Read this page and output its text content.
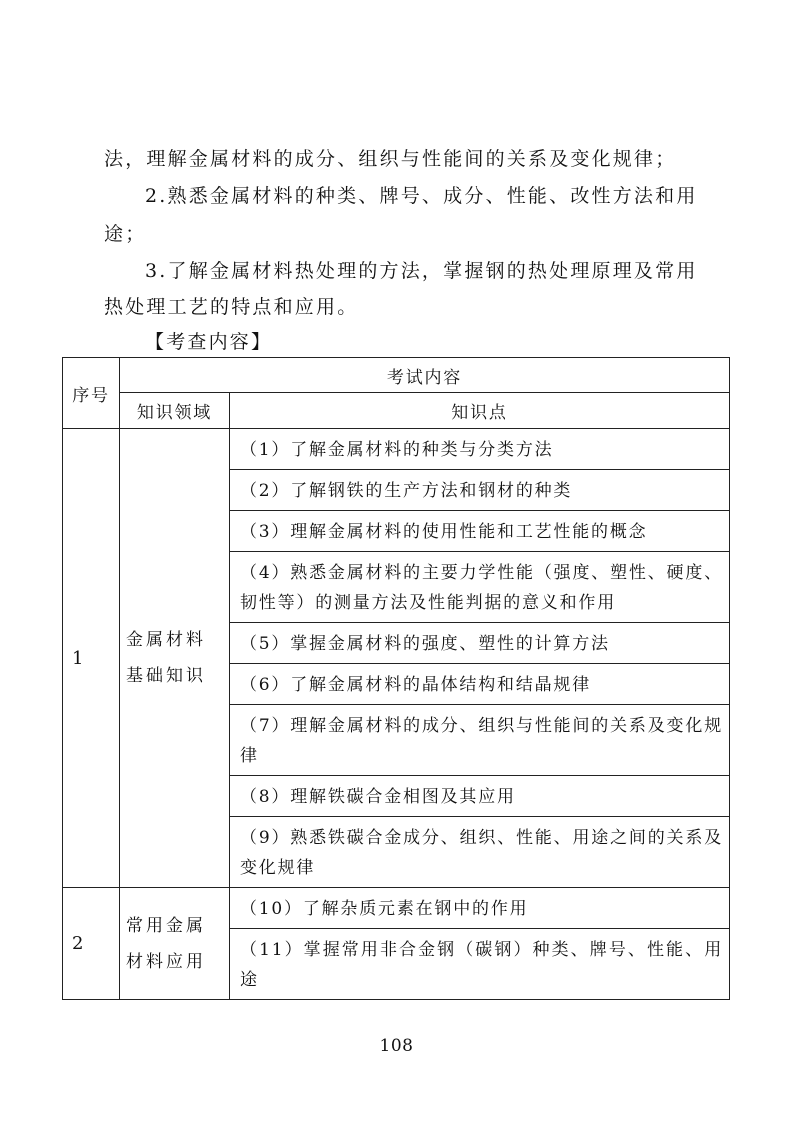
法，理解金属材料的成分、组织与性能间的关系及变化规律；
2.熟悉金属材料的种类、牌号、成分、性能、改性方法和用
途；
3.了解金属材料热处理的方法，掌握钢的热处理原理及常用
热处理工艺的特点和应用。
【考查内容】
序号	考试内容	
	知识领域	知识点
1	金属材料基础知识	（1）了解金属材料的种类与分类方法
		（2）了解钢铁的生产方法和钢材的种类
		（3）理解金属材料的使用性能和工艺性能的概念
		（4）熟悉金属材料的主要力学性能（强度、塑性、硬度、韧性等）的测量方法及性能判据的意义和作用
		（5）掌握金属材料的强度、塑性的计算方法
		（6）了解金属材料的晶体结构和结晶规律
		（7）理解金属材料的成分、组织与性能间的关系及变化规律
		（8）理解铁碳合金相图及其应用
		（9）熟悉铁碳合金成分、组织、性能、用途之间的关系及变化规律
2	常用金属材料应用	（10）了解杂质元素在钢中的作用
		（11）掌握常用非合金钢（碳钢）种类、牌号、性能、用途
108
